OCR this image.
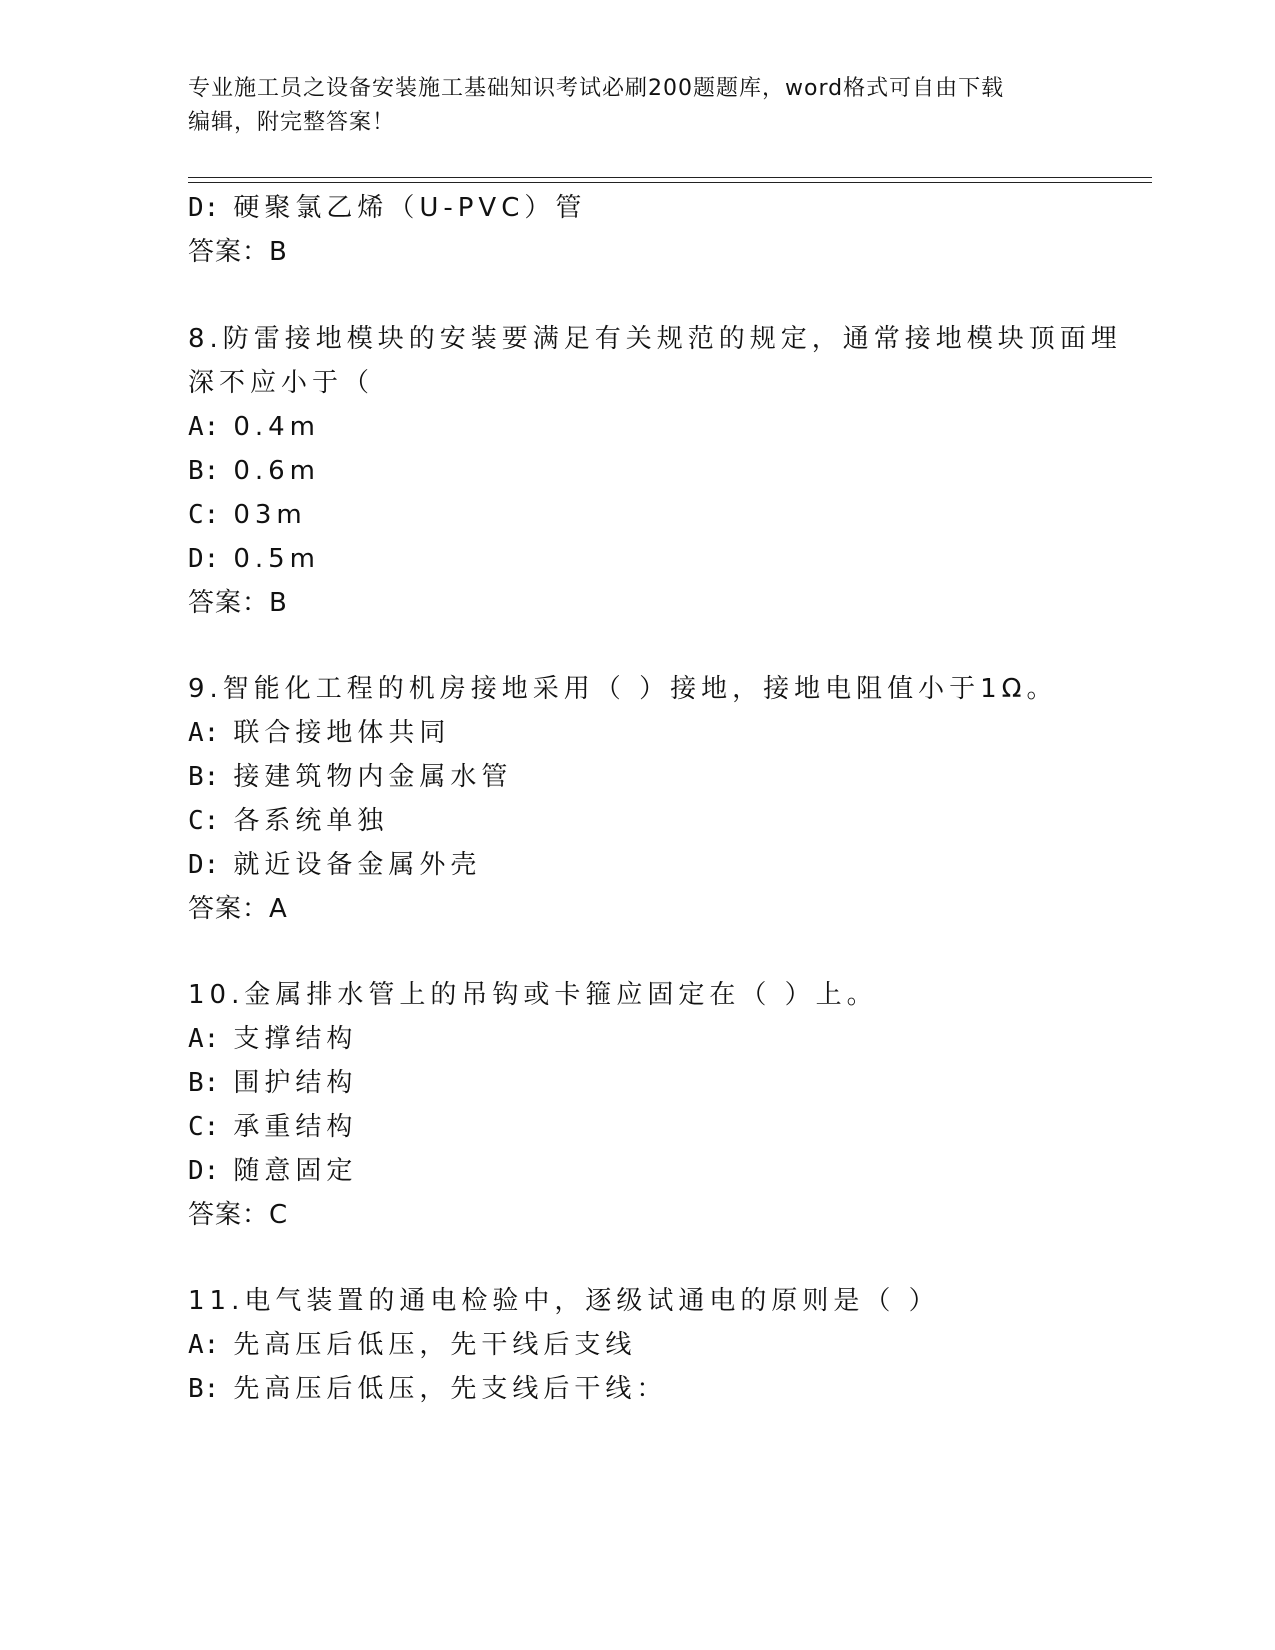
专业施工员之设备安装施工基础知识考试必刷200题题库，word格式可自由下载
编辑，附完整答案！
D: 硬聚氯乙烯（U-PVC）管
答案：B
8.防雷接地模块的安装要满足有关规范的规定，通常接地模块顶面埋
深不应小于（
A: 0.4m
B: 0.6m
C: 03m
D: 0.5m
答案：B
9.智能化工程的机房接地采用（ ）接地，接地电阻值小于1Ω。
A: 联合接地体共同
B: 接建筑物内金属水管
C: 各系统单独
D: 就近设备金属外壳
答案：A
10.金属排水管上的吊钩或卡箍应固定在（ ）上。
A: 支撑结构
B: 围护结构
C: 承重结构
D: 随意固定
答案：C
11.电气装置的通电检验中，逐级试通电的原则是（ ）
A: 先高压后低压，先干线后支线
B: 先高压后低压，先支线后干线：
